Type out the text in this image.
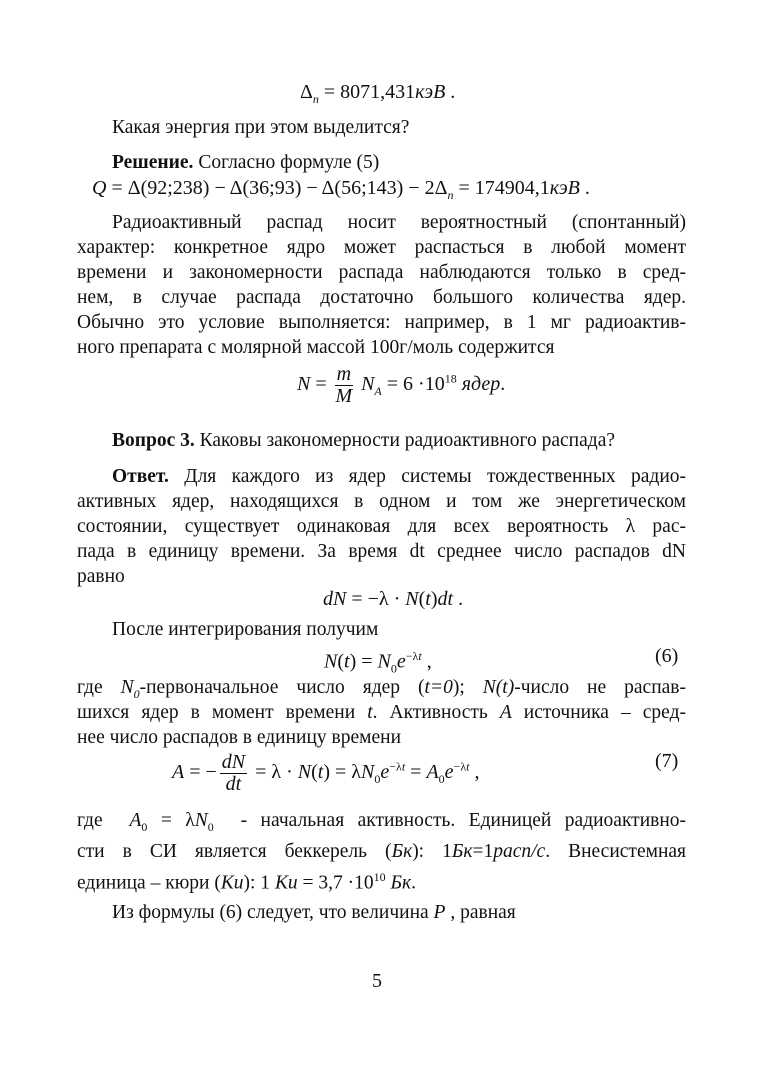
$\Delta_n = 8071,431кэВ$ .
Какая энергия при этом выделится?
Решение. Согласно формуле (5)
Q = Δ(92;238) − Δ(36;93) − Δ(56;143) − $2\Delta_n = 174904,1кэВ$ .
Радиоактивный распад носит вероятностный (спонтанный)
характер: конкретное ядро может распасться в любой момент
времени и закономерности распада наблюдаются только в сред-
нем, в случае распада достаточно большого количества ядер.
Обычно это условие выполняется: например, в 1 мг радиоактив-
ного препарата с молярной массой 100г/моль содержится
$N = \frac{m}{M} N_A = 6 \cdot 10^{18}$ ядер.
Вопрос 3. Каковы закономерности радиоактивного распада?
Ответ. Для каждого из ядер системы тождественных радио-
активных ядер, находящихся в одном и том же энергетическом
состоянии, существует одинаковая для всех вероятность λ рас-
пада в единицу времени. За время dt среднее число распадов dN
равно
dN = −λ · N(t)dt .
После интегрирования получим
$N(t) = N_0e^{-\lambda t}$ ,	(6)
где $N_0$-первоначальное число ядер (t=0); N(t)-число не распав-
шихся ядер в момент времени t. Активность A источника – сред-
нее число распадов в единицу времени
A = − $\frac{dN}{dt} = \lambda \cdot N(t) = \lambda N_0e^{-\lambda t} = A_0e^{-\lambda t}$ ,
(7)
где  $A_0 = \lambda N_0$  - начальная активность. Единицей радиоактивно-
сти в СИ является беккерель (Бк): 1Бк=1расп/с. Внесистемная
единица – кюри (Ки): 1 Ки = $3,7 \cdot 10^{10}$ Бк.
Из формулы (6) следует, что величина P , равная
5
